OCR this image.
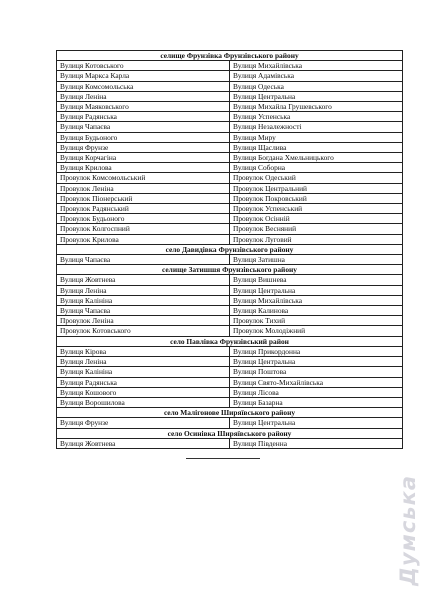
селище Фрунзівка Фрунзівського району	
Вулиця Котовського	Вулиця Михайлівська
Вулиця Маркса Карла	Вулиця Адамівська
Вулиця Комсомольська	Вулиця Одеська
Вулиця Леніна	Вулиця Центральна
Вулиця Маяковського	Вулиця Михайла Грушевського
Вулиця Радянська	Вулиця Успенська
Вулиця Чапаєва	Вулиця Незалежності
Вулиця Будьоного	Вулиця Миру
Вулиця Фрунзе	Вулиця Щаслива
Вулиця Корчагіна	Вулиця Богдана Хмельницького
Вулиця Крилова	Вулиця Соборна
Провулок Комсомольський	Провулок Одеський
Провулок Леніна	Провулок Центральний
Провулок Піонерський	Провулок Покровський
Провулок Радянський	Провулок Успенський
Провулок Будьоного	Провулок Осінній
Провулок Колгоспний	Провулок Весняний
Провулок Крилова	Провулок Луговий
село Давидівка Фрунзівського району	
Вулиця Чапаєва	Вулиця Затишна
селище Затишшя Фрунзівського району	
Вулиця Жовтнева	Вулиця Вишнева
Вулиця Леніна	Вулиця Центральна
Вулиця Калініна	Вулиця Михайлівська
Вулиця Чапаєва	Вулиця Калинова
Провулок Леніна	Провулок Тихий
Провулок Котовського	Провулок Молодіжний
село Павлівка Фрунзівський район	
Вулиця Кірова	Вулиця Прикордонна
Вулиця Леніна	Вулиця Центральна
Вулиця Калініна	Вулиця Поштова
Вулиця Радянська	Вулиця Свято-Михайлівська
Вулиця Кошового	Вулиця Лісова
Вулиця Ворошилова	Вулиця Базарна
село Малігонове Ширяївського району	
Вулиця Фрунзе	Вулиця Центральна
село Осинівка Ширяївського району	
Вулиця Жовтнева	Вулиця Південна
Думська
